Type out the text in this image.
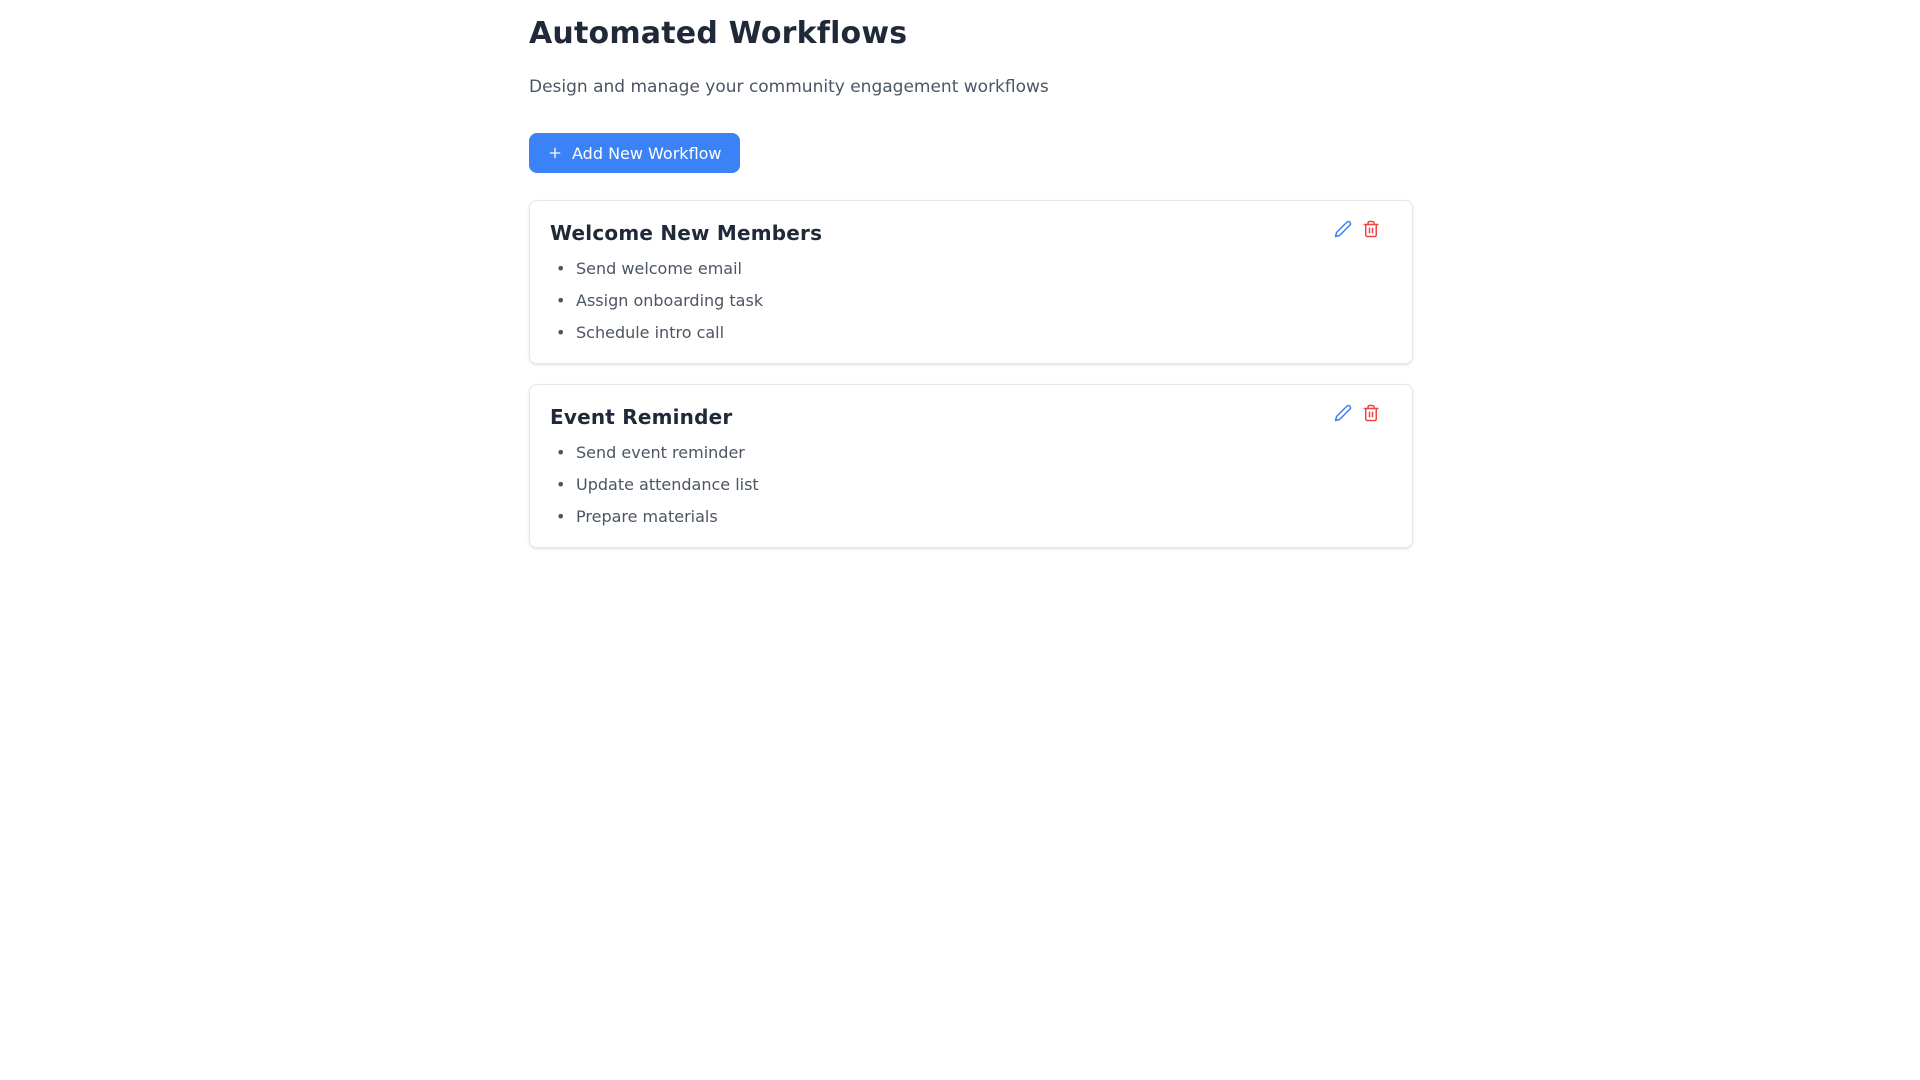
Automated Workflows

Design and manage your community engagement workflows

Add New Workflow
Welcome New Members
• Send welcome email
• Assign onboarding task
• Schedule intro call
Event Reminder
• Send event reminder
• Update attendance list
• Prepare materials
